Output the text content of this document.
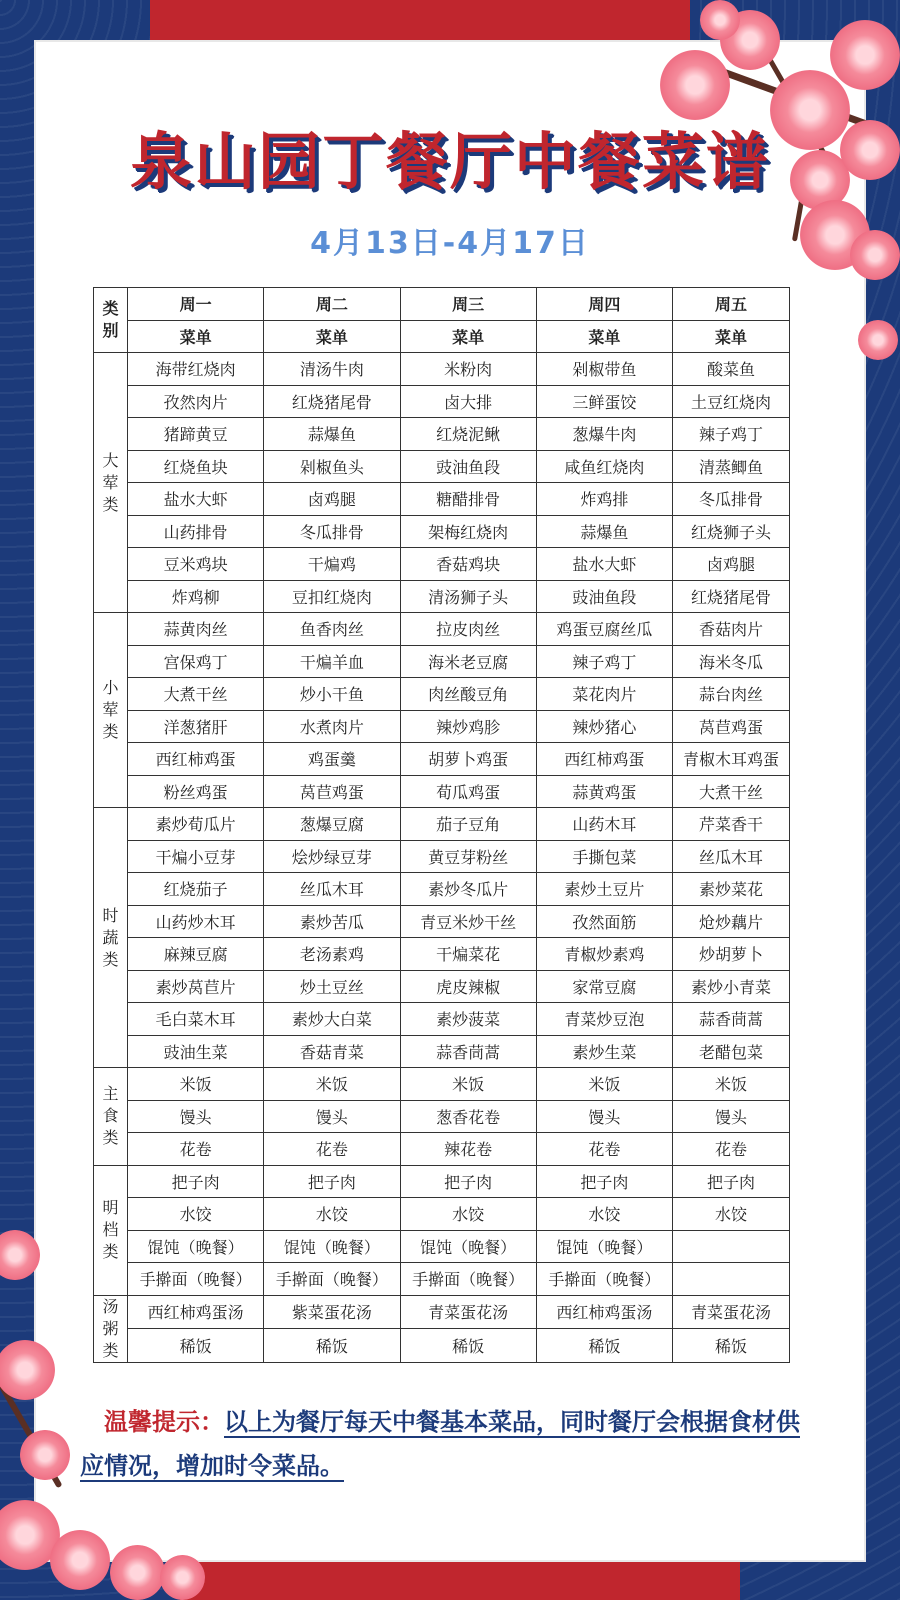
泉山园丁餐厅中餐菜谱
4月13日-4月17日
类
别	周一	周二	周三	周四	周五
	菜单	菜单	菜单	菜单	菜单

大
荤
类	海带红烧肉	清汤牛肉	米粉肉	剁椒带鱼	酸菜鱼
	孜然肉片	红烧猪尾骨	卤大排	三鲜蛋饺	土豆红烧肉
	猪蹄黄豆	蒜爆鱼	红烧泥鳅	葱爆牛肉	辣子鸡丁
	红烧鱼块	剁椒鱼头	豉油鱼段	咸鱼红烧肉	清蒸鲫鱼
	盐水大虾	卤鸡腿	糖醋排骨	炸鸡排	冬瓜排骨
	山药排骨	冬瓜排骨	架梅红烧肉	蒜爆鱼	红烧狮子头
	豆米鸡块	干煸鸡	香菇鸡块	盐水大虾	卤鸡腿
	炸鸡柳	豆扣红烧肉	清汤狮子头	豉油鱼段	红烧猪尾骨

小
荤
类	蒜黄肉丝	鱼香肉丝	拉皮肉丝	鸡蛋豆腐丝瓜	香菇肉片
	宫保鸡丁	干煸羊血	海米老豆腐	辣子鸡丁	海米冬瓜
	大煮干丝	炒小干鱼	肉丝酸豆角	菜花肉片	蒜台肉丝
	洋葱猪肝	水煮肉片	辣炒鸡胗	辣炒猪心	莴苣鸡蛋
	西红柿鸡蛋	鸡蛋羹	胡萝卜鸡蛋	西红柿鸡蛋	青椒木耳鸡蛋
	粉丝鸡蛋	莴苣鸡蛋	荀瓜鸡蛋	蒜黄鸡蛋	大煮干丝

时
蔬
类	素炒荀瓜片	葱爆豆腐	茄子豆角	山药木耳	芹菜香干
	干煸小豆芽	烩炒绿豆芽	黄豆芽粉丝	手撕包菜	丝瓜木耳
	红烧茄子	丝瓜木耳	素炒冬瓜片	素炒土豆片	素炒菜花
	山药炒木耳	素炒苦瓜	青豆米炒干丝	孜然面筋	炝炒藕片
	麻辣豆腐	老汤素鸡	干煸菜花	青椒炒素鸡	炒胡萝卜
	素炒莴苣片	炒土豆丝	虎皮辣椒	家常豆腐	素炒小青菜
	毛白菜木耳	素炒大白菜	素炒菠菜	青菜炒豆泡	蒜香茼蒿
	豉油生菜	香菇青菜	蒜香茼蒿	素炒生菜	老醋包菜

主
食
类	米饭	米饭	米饭	米饭	米饭
	馒头	馒头	葱香花卷	馒头	馒头
	花卷	花卷	辣花卷	花卷	花卷

明
档
类	把子肉	把子肉	把子肉	把子肉	把子肉
	水饺	水饺	水饺	水饺	水饺
	馄饨（晚餐）	馄饨（晚餐）	馄饨（晚餐）	馄饨（晚餐）	
	手擀面（晚餐）	手擀面（晚餐）	手擀面（晚餐）	手擀面（晚餐）	

汤
粥
类	西红柿鸡蛋汤	紫菜蛋花汤	青菜蛋花汤	西红柿鸡蛋汤	青菜蛋花汤
	稀饭	稀饭	稀饭	稀饭	稀饭
温馨提示：以上为餐厅每天中餐基本菜品，同时餐厅会根据食材供应情况，增加时令菜品。
